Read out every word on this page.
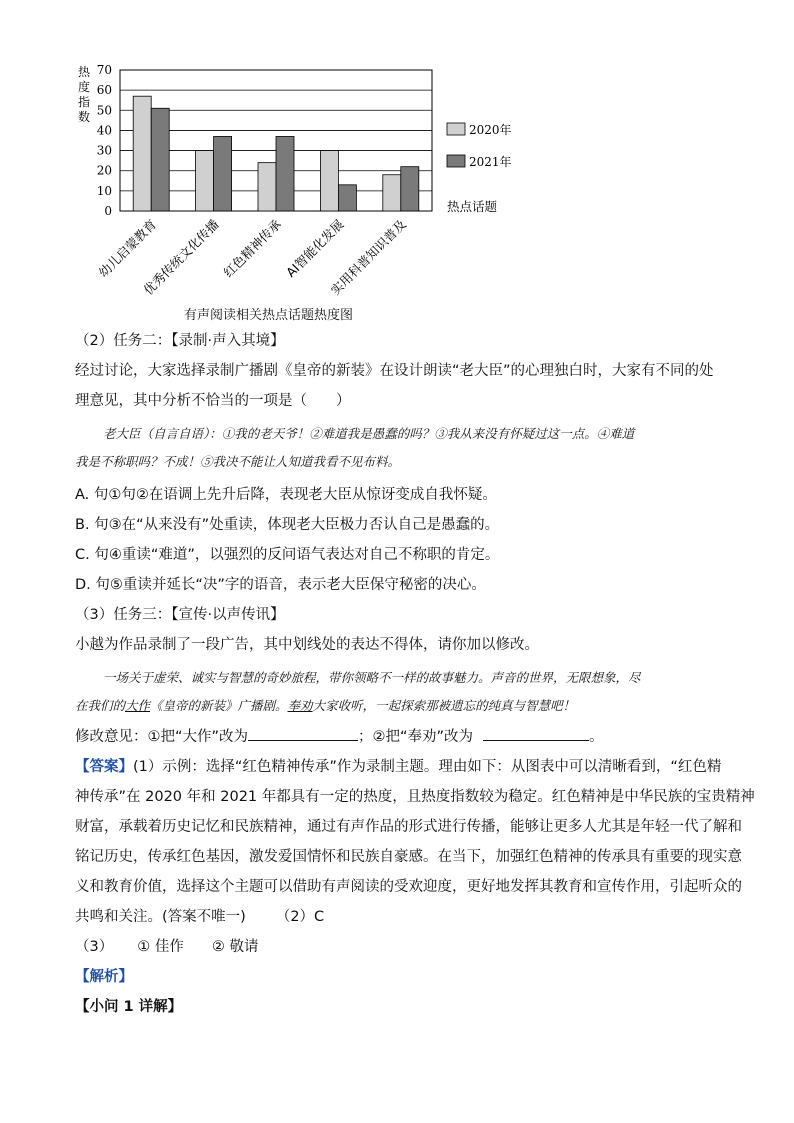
0
10
20
30
40
50
60
70
热
度
指
数
幼儿启蒙教育
优秀传统文化传播
红色精神传承
AI智能化发展
实用科普知识普及
2020年
2021年
热点话题
有声阅读相关热点话题热度图
（2）任务二：【录制·声入其境】
经过讨论，大家选择录制广播剧《皇帝的新装》在设计朗读“老大臣”的心理独白时，大家有不同的处
理意见，其中分析不恰当的一项是（　　）
老大臣（自言自语）：①我的老天爷！②难道我是愚蠢的吗？③我从来没有怀疑过这一点。④难道
我是不称职吗？不成！⑤我决不能让人知道我看不见布料。
A. 句①句②在语调上先升后降，表现老大臣从惊讶变成自我怀疑。
B. 句③在“从来没有”处重读，体现老大臣极力否认自己是愚蠢的。
C. 句④重读“难道”，以强烈的反问语气表达对自己不称职的肯定。
D. 句⑤重读并延长“决”字的语音，表示老大臣保守秘密的决心。
（3）任务三：【宣传·以声传讯】
小越为作品录制了一段广告，其中划线处的表达不得体，请你加以修改。
一场关于虚荣、诚实与智慧的奇妙旅程，带你领略不一样的故事魅力。声音的世界，无限想象，尽
在我们的大作《皇帝的新装》广播剧。奉劝大家收听，一起探索那被遗忘的纯真与智慧吧！
修改意见：①把“大作”改为	；②把“奉劝”改为	。
【答案】(1）示例：选择“红色精神传承”作为录制主题。理由如下：从图表中可以清晰看到，“红色精
神传承”在 2020 年和 2021 年都具有一定的热度，且热度指数较为稳定。红色精神是中华民族的宝贵精神
财富，承载着历史记忆和民族精神，通过有声作品的形式进行传播，能够让更多人尤其是年轻一代了解和
铭记历史，传承红色基因，激发爱国情怀和民族自豪感。在当下，加强红色精神的传承具有重要的现实意
义和教育价值，选择这个主题可以借助有声阅读的受欢迎度，更好地发挥其教育和宣传作用，引起听众的
共鸣和关注。(答案不唯一) （2）C
（3） ① 佳作 ② 敬请
【解析】
【小问 1 详解】
